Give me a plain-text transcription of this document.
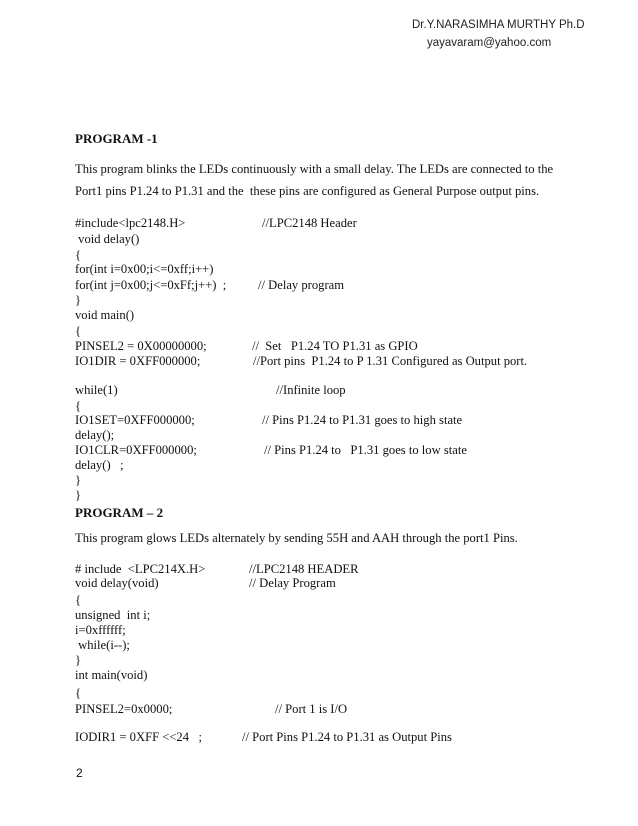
Dr.Y.NARASIMHA MURTHY Ph.D
yayavaram@yahoo.com
PROGRAM -1
This program blinks the LEDs continuously with a small delay. The LEDs are connected to the
Port1 pins P1.24 to P1.31 and the  these pins are configured as General Purpose output pins.
#include<lpc2148.H>	//LPC2148 Header
void delay()
{
for(int i=0x00;i<=0xff;i++)
for(int j=0x00;j<=0xFf;j++)  ;	// Delay program
}
void main()
{
PINSEL2 = 0X00000000;	//  Set   P1.24 TO P1.31 as GPIO
IO1DIR = 0XFF000000;	//Port pins  P1.24 to P 1.31 Configured as Output port.
while(1)	//Infinite loop
{
IO1SET=0XFF000000;	// Pins P1.24 to P1.31 goes to high state
delay();
IO1CLR=0XFF000000;	// Pins P1.24 to   P1.31 goes to low state
delay()   ;
}
}
PROGRAM – 2
This program glows LEDs alternately by sending 55H and AAH through the port1 Pins.
# include  <LPC214X.H>	//LPC2148 HEADER
void delay(void)	// Delay Program
{
unsigned  int i;
i=0xffffff;
while(i--);
}
int main(void)
{
PINSEL2=0x0000;	// Port 1 is I/O
IODIR1 = 0XFF <<24   ;	// Port Pins P1.24 to P1.31 as Output Pins
2
